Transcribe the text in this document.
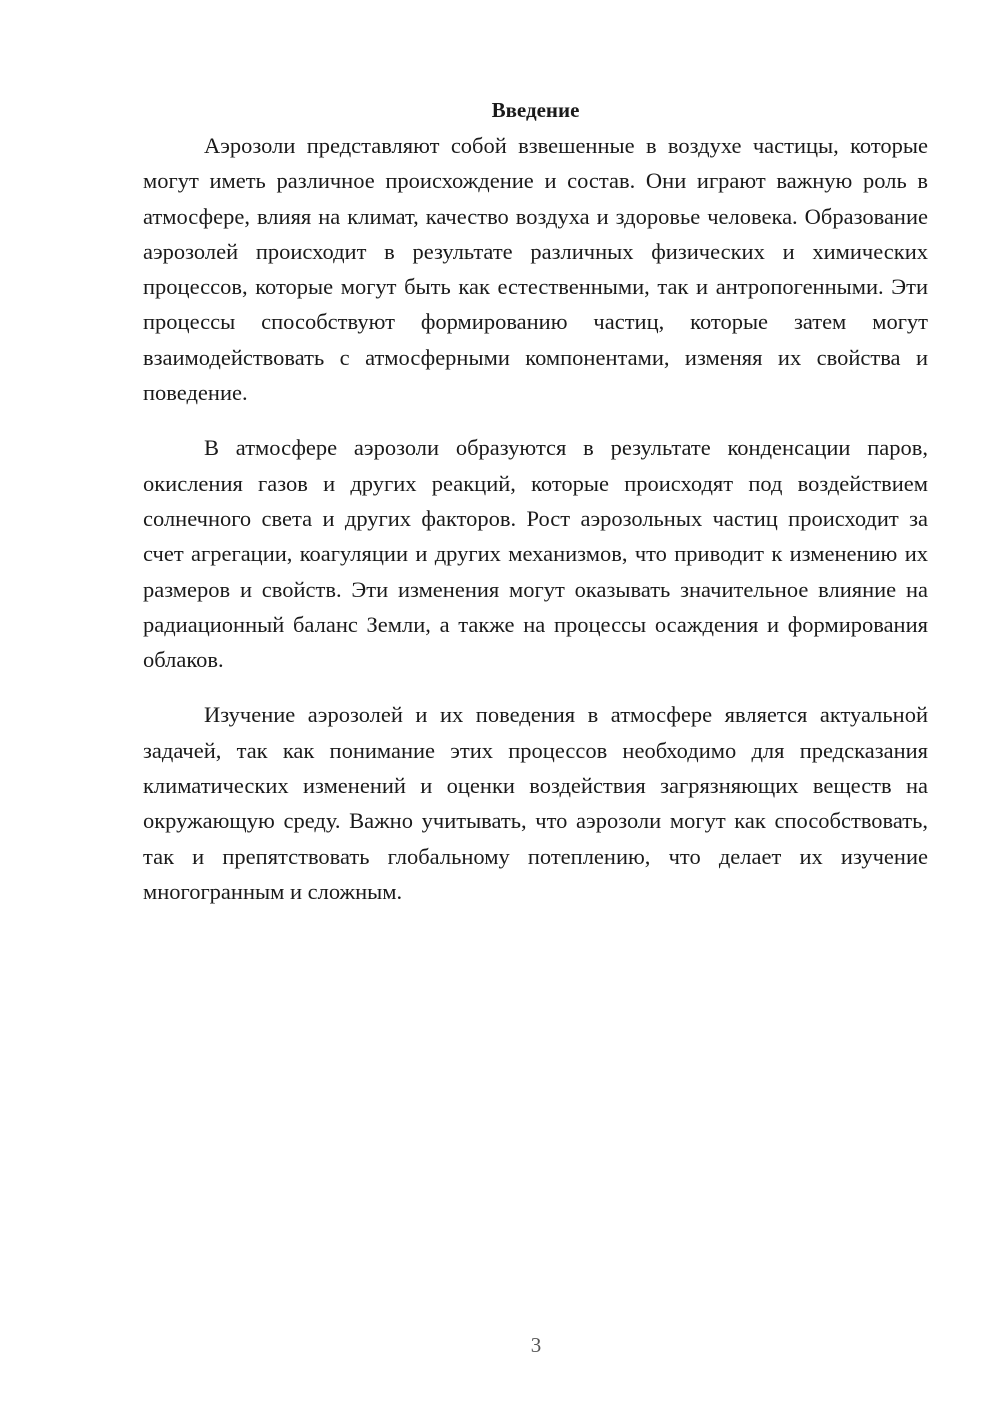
Введение

Аэрозоли представляют собой взвешенные в воздухе частицы, которые могут иметь различное происхождение и состав. Они играют важную роль в атмосфере, влияя на климат, качество воздуха и здоровье человека. Образование аэрозолей происходит в результате различных физических и химических процессов, которые могут быть как естественными, так и антропогенными. Эти процессы способствуют формированию частиц, которые затем могут взаимодействовать с атмосферными компонентами, изменяя их свойства и поведение.

В атмосфере аэрозоли образуются в результате конденсации паров, окисления газов и других реакций, которые происходят под воздействием солнечного света и других факторов. Рост аэрозольных частиц происходит за счет агрегации, коагуляции и других механизмов, что приводит к изменению их размеров и свойств. Эти изменения могут оказывать значительное влияние на радиационный баланс Земли, а также на процессы осаждения и формирования облаков.

Изучение аэрозолей и их поведения в атмосфере является актуальной задачей, так как понимание этих процессов необходимо для предсказания климатических изменений и оценки воздействия загрязняющих веществ на окружающую среду. Важно учитывать, что аэрозоли могут как способствовать, так и препятствовать глобальному потеплению, что делает их изучение многогранным и сложным.

3
